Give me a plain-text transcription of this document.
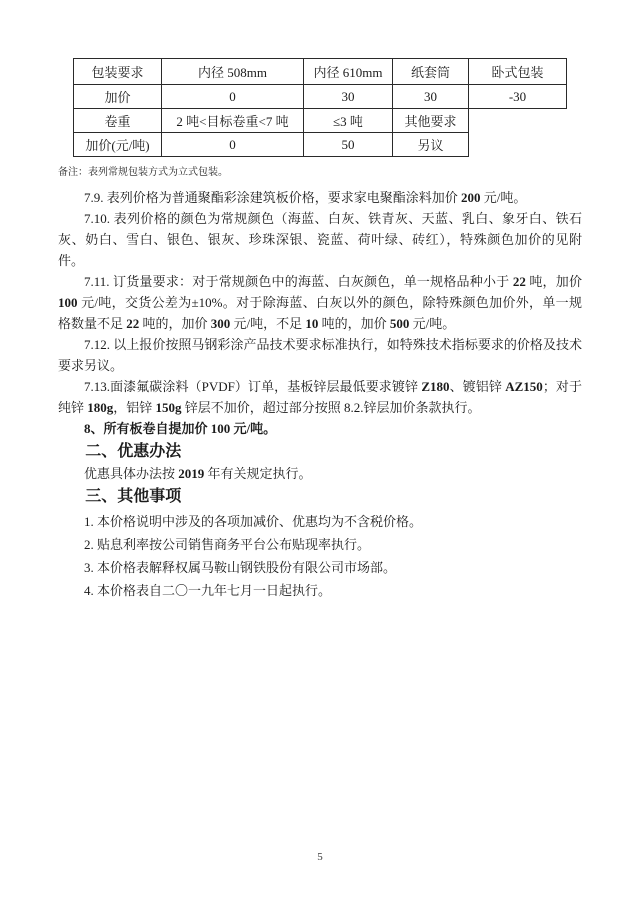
包装要求	内径 508mm	内径 610mm	纸套筒	卧式包装
加价	0	30	30	-30
卷重	2 吨<目标卷重<7 吨	≤3 吨	其他要求	
加价(元/吨)	0	50	另议	
备注：表列常规包装方式为立式包装。

7.9. 表列价格为普通聚酯彩涂建筑板价格，要求家电聚酯涂料加价 200 元/吨。

7.10. 表列价格的颜色为常规颜色（海蓝、白灰、铁青灰、天蓝、乳白、象牙白、铁石灰、奶白、雪白、银色、银灰、珍珠深银、瓷蓝、荷叶绿、砖红），特殊颜色加价的见附件。

7.11. 订货量要求：对于常规颜色中的海蓝、白灰颜色，单一规格品种小于 22 吨，加价 100 元/吨，交货公差为±10%。对于除海蓝、白灰以外的颜色，除特殊颜色加价外，单一规格数量不足 22 吨的，加价 300 元/吨，不足 10 吨的，加价 500 元/吨。

7.12. 以上报价按照马钢彩涂产品技术要求标准执行，如特殊技术指标要求的价格及技术要求另议。

7.13.面漆氟碳涂料（PVDF）订单，基板锌层最低要求镀锌 Z180、镀铝锌 AZ150；对于纯锌 180g，铝锌 150g 锌层不加价，超过部分按照 8.2.锌层加价条款执行。

8、所有板卷自提加价 100 元/吨。

二、优惠办法

优惠具体办法按 2019 年有关规定执行。

三、其他事项

1. 本价格说明中涉及的各项加减价、优惠均为不含税价格。

2. 贴息利率按公司销售商务平台公布贴现率执行。

3. 本价格表解释权属马鞍山钢铁股份有限公司市场部。

4. 本价格表自二〇一九年七月一日起执行。

5
